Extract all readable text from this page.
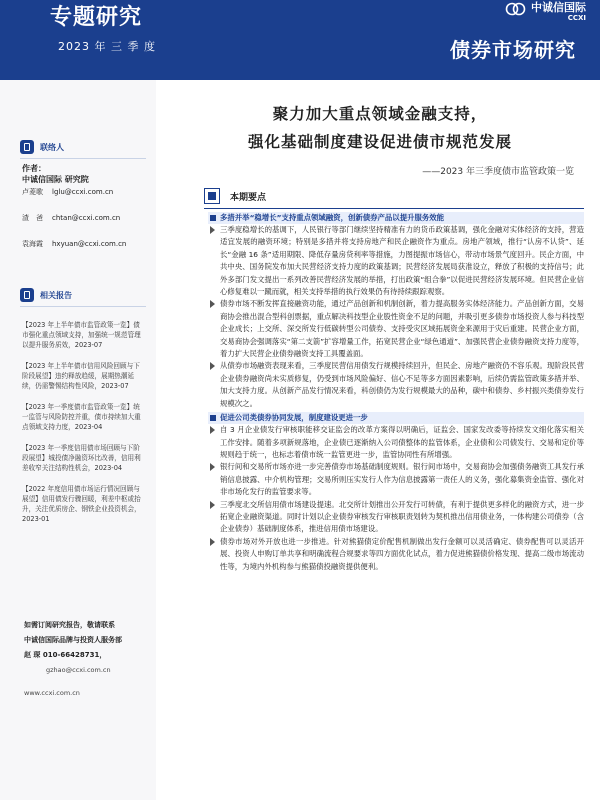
专题研究
2023 年 三 季 度
中诚信国际
CCXI
债券市场研究
联络人
作者：
中诚信国际 研究院
卢菱歌	lglu@ccxi.com.cn
渣　爸	chtan@ccxi.com.cn
袁海霞	hxyuan@ccxi.com.cn
相关报告
【2023 年上半年债市监管政策一览】债市强化重点领域支持，加强统一规范管理以提升服务质效，2023-07
【2023 年上半年债市信用风险回顾与下阶段展望】违约释放趋缓，展期热潮延续，仍需警惕结构性风险，2023-07
【2023 年一季度债市监管政策一览】统一监管与风险防控并重，债市持续加大重点领域支持力度，2023-04
【2023 年一季度信用债市场回顾与下阶段展望】城投债净融资环比改善，信用利差收窄关注结构性机会，2023-04
【2022 年度信用债市场运行情况回顾与展望】信用债发行骤回暖，利差中枢或抬升，关注优质房企、钢铁企业投资机会，2023-01
如需订阅研究报告，敬请联系
中诚信国际品牌与投资人服务部
赵 琛 010-66428731，
gzhao@ccxi.com.cn
www.ccxi.com.cn
聚力加大重点领域金融支持，
强化基础制度建设促进债市规范发展
——2023 年三季度债市监管政策一览
本期要点
多措并举“稳增长”支持重点领域融资，创新债券产品以提升服务效能
三季度稳增长的基调下，人民银行等部门继续坚持精准有力的货币政策基调，强化金融对实体经济的支持，营造适宜发展的融资环境；特别是多措并将支持房地产和民企融资作为重点。房地产领域，推行“认房不认贷”、延长“金融 16 条”适用期限、降低存量房贷利率等措施，力图提振市场信心，带动市场景气度回升。民企方面，中共中央、国务院发布加大民营经济支持力度的政策基调；民营经济发展局获准设立，释放了积极的支持信号；此外多部门发文提出一系列改善民营经济发展的举措，打出政策“组合拳”以促进民营经济发展环境。但民营企业信心修复难以一蹴而就，相关支持举措的执行效果仍有待持续跟踪观察。
债券市场不断发挥直接融资功能，通过产品创新和机制创新，着力提高服务实体经济能力。产品创新方面，交易商协会推出混合型科创票据，重点解决科技型企业股性资金不足的问题，并吸引更多债券市场投资人参与科技型企业成长；上交所、深交所发行低碳转型公司债券、支持受灾区域拓展资金来源用于灾后重建。民营企业方面，交易商协会强调落实“第二支箭”扩容增量工作，拓宽民营企业“绿色通道”、加强民营企业债券融资支持力度等，着力扩大民营企业债券融资支持工具覆盖面。
从债券市场融资表现来看，三季度民营信用债发行规模持续回升，但民企、房地产融资仍不容乐观。现阶段民营企业债券融资尚未实质修复，仍受到市场风险偏好、信心不足等多方面因素影响，后续仍需监管政策多措并举、加大支持力度。从创新产品发行情况来看，科创债仍为发行规模最大的品种，碳中和债券、乡村振兴类债券发行规模次之。
促进公司类债券协同发展，制度建设更进一步
自 3 月企业债发行审核职能移交证监会的改革方案得以明确后，证监会、国家发改委等持续发文细化落实相关工作安排。随着多项新规落地，企业债已逐渐纳入公司债整体的监管体系，企业债和公司债发行、交易和定价等规则趋于统一，也标志着债市统一监管更进一步，监管协同性有所增强。
银行间和交易所市场亦进一步完善债券市场基础制度规则。银行间市场中，交易商协会加强债务融资工具发行承销信息披露、中介机构管理；交易所则压实发行人作为信息披露第一责任人的义务，强化募集资金监管、强化对非市场化发行的监管要求等。
三季度北交所信用债市场建设提速。北交所计划推出公开发行可转债，有利于提供更多样化的融资方式，进一步拓宽企业融资渠道。同时计划以企业债券审核发行审核职责划转为契机推出信用债业务，一体构建公司债券（含企业债券）基础制度体系，推进信用债市场建设。
债券市场对外开放也进一步推进。针对熊猫债定价配售机制做出发行金额可以灵活确定、债券配售可以灵活开展、投资人申购订单共享和明确流程合规要求等四方面优化试点，着力促进熊猫债价格发现、提高二级市场流动性等，为境内外机构参与熊猫债投融资提供便利。
